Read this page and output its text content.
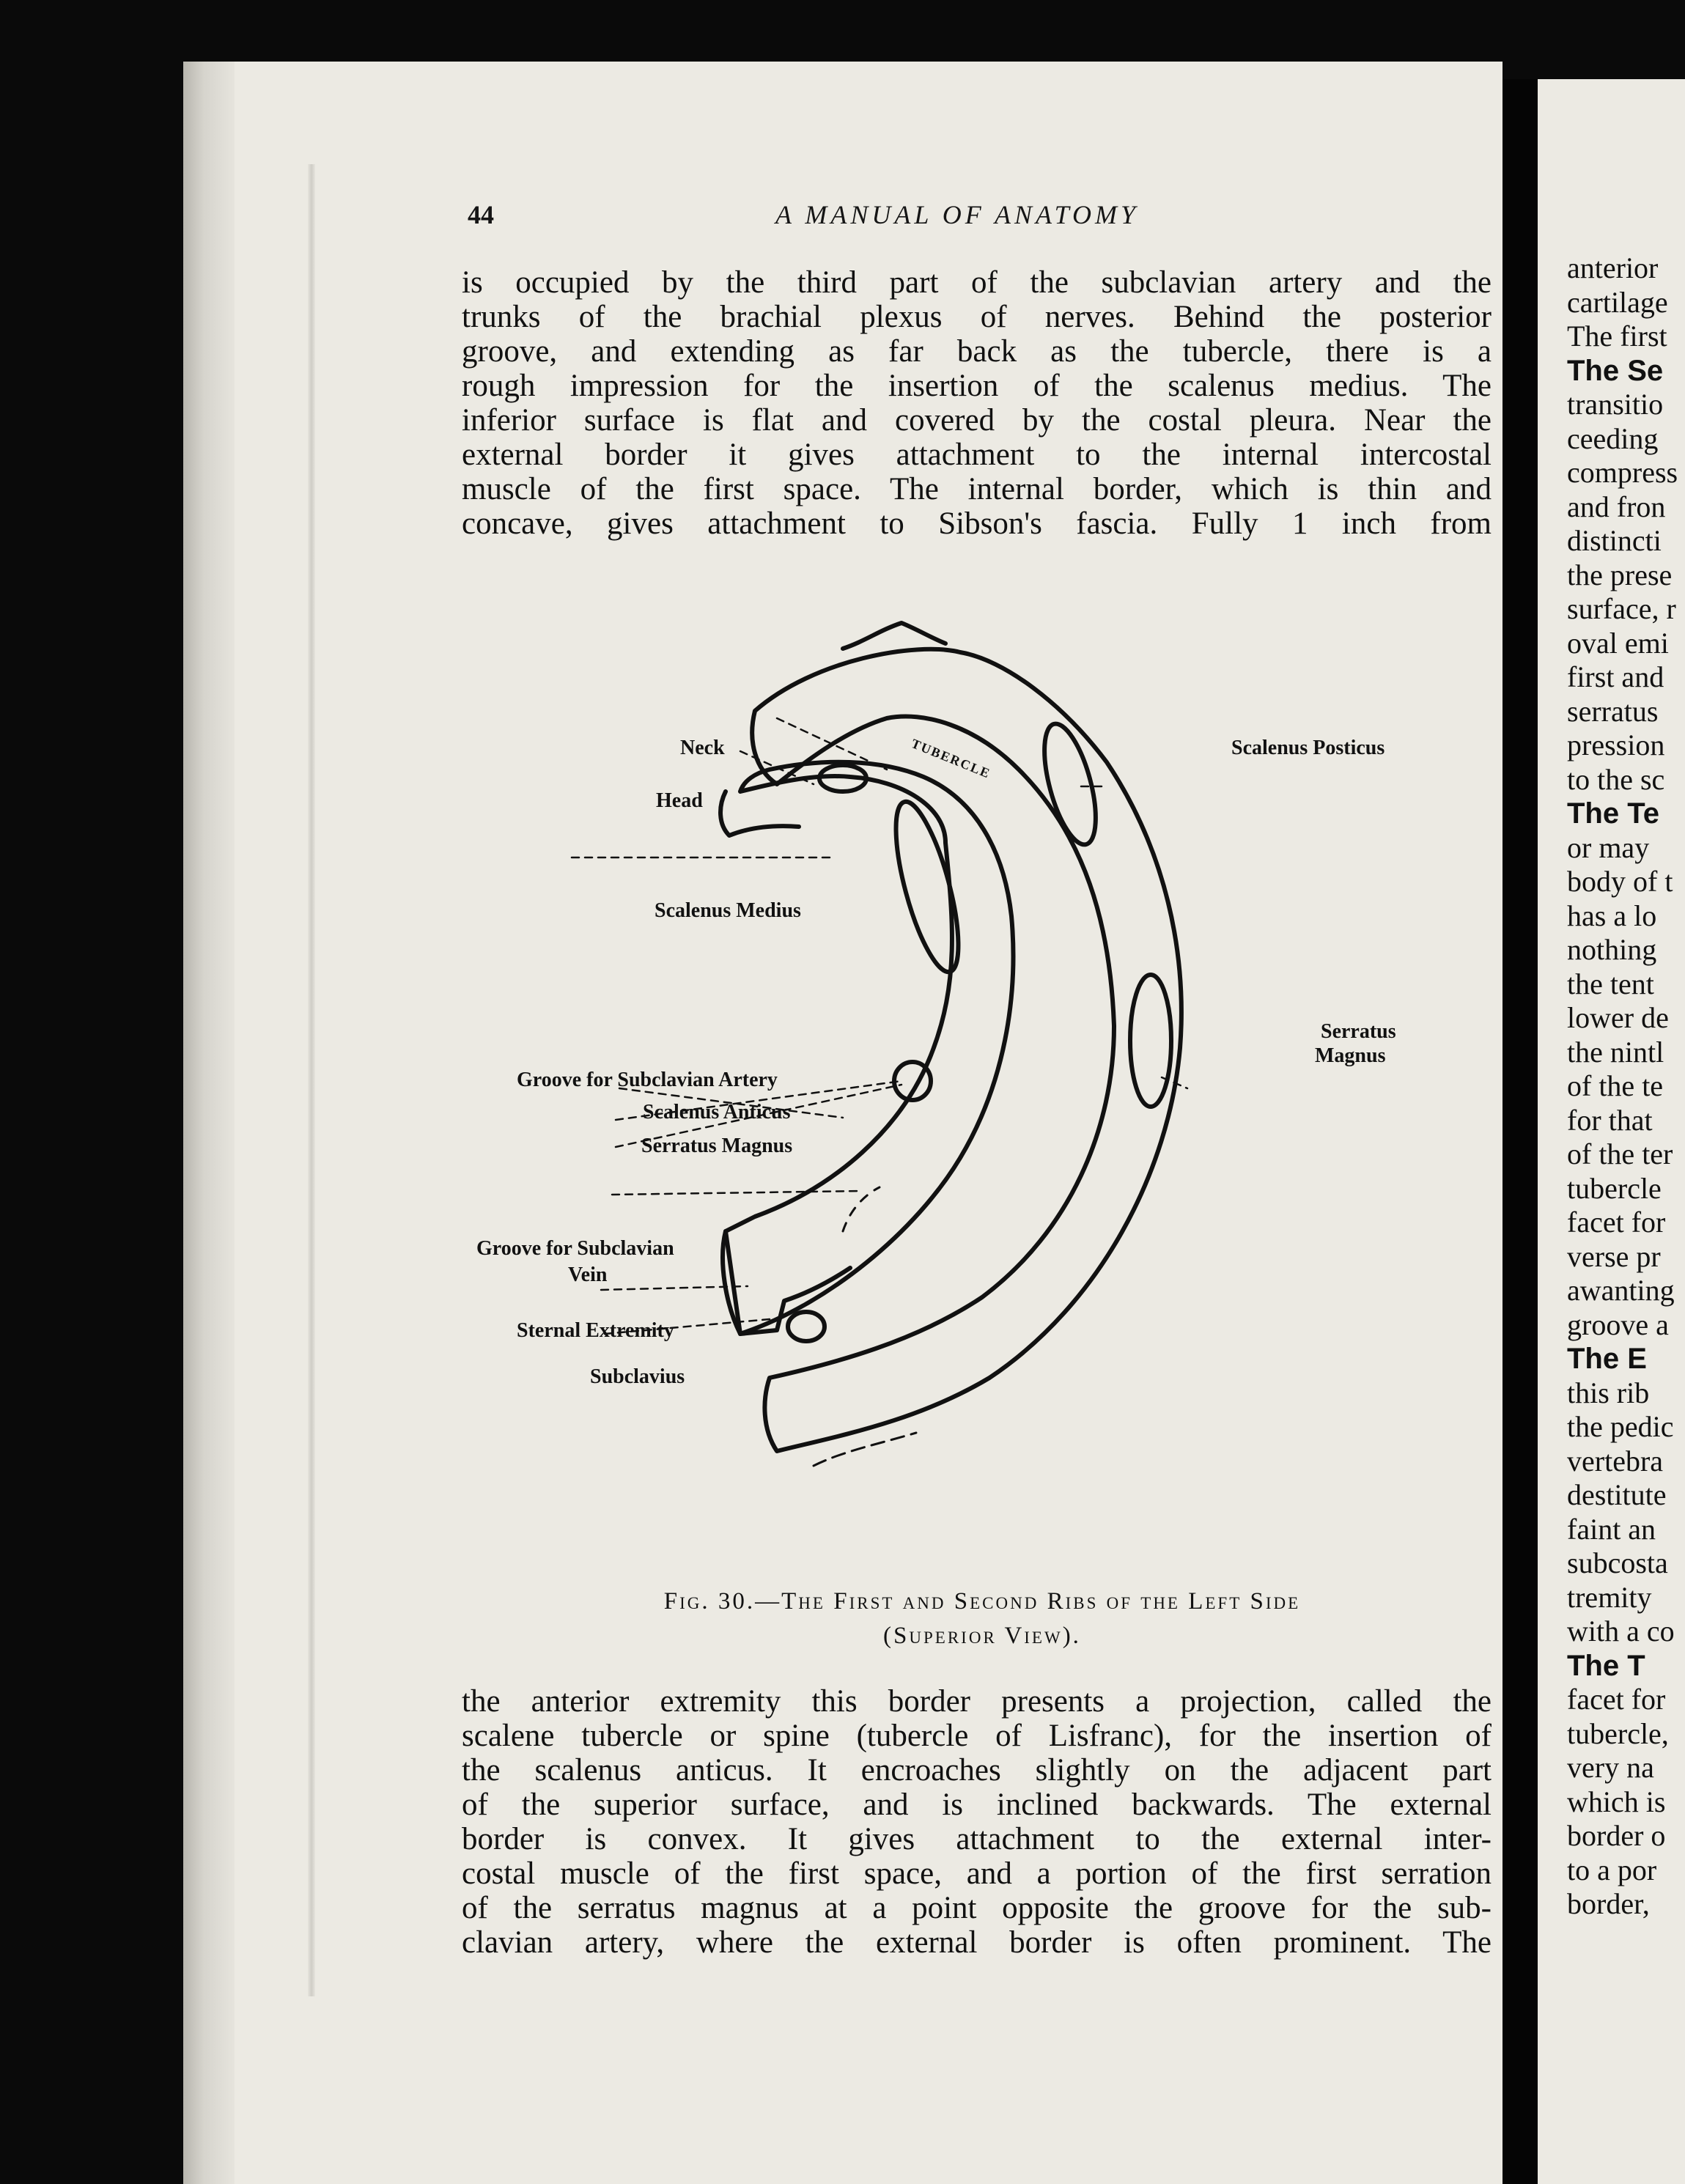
44	A MANUAL OF ANATOMY
is occupied by the third part of the subclavian artery and the
trunks of the brachial plexus of nerves. Behind the posterior
groove, and extending as far back as the tubercle, there is a
rough impression for the insertion of the scalenus medius. The
inferior surface is flat and covered by the costal pleura. Near the
external border it gives attachment to the internal intercostal
muscle of the first space. The internal border, which is thin and
concave, gives attachment to Sibson's fascia. Fully 1 inch from
Neck
Head
TUBERCLE	Scalenus Posticus
Scalenus Medius
Serratus
Magnus
Groove for Subclavian Artery
Scalenus Anticus
Serratus Magnus
Groove for Subclavian
Vein
Sternal Extremity
Subclavius
Fig. 30.—The First and Second Ribs of the Left Side
(Superior View).
the anterior extremity this border presents a projection, called the
scalene tubercle or spine (tubercle of Lisfranc), for the insertion of
the scalenus anticus. It encroaches slightly on the adjacent part
of the superior surface, and is inclined backwards. The external
border is convex. It gives attachment to the external inter-
costal muscle of the first space, and a portion of the first serration
of the serratus magnus at a point opposite the groove for the sub-
clavian artery, where the external border is often prominent. The
anterior
cartilage
The first
The Se
transitio
ceeding
compress
and fron
distincti
the prese
surface, r
oval emi
first and
serratus
pression
to the sc
The Te
or may
body of t
has a lo
nothing
the tent
lower de
the nintl
of the te
for that
of the ter
tubercle
facet for
verse pr
awanting
groove a
The E
this rib
the pedic
vertebra
destitute
faint an
subcosta
tremity
with a co
The T
facet for
tubercle,
very na
which is
border o
to a por
border,
